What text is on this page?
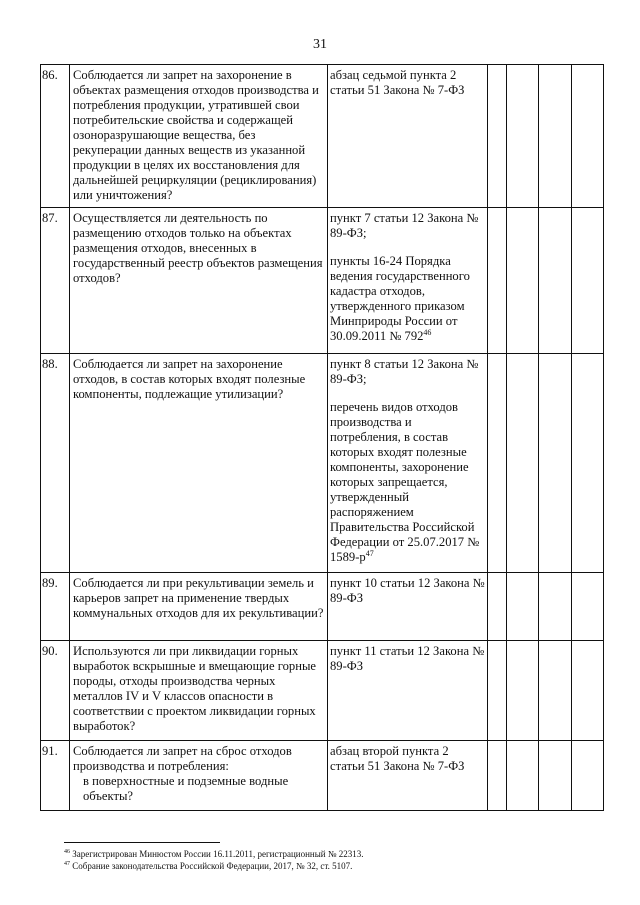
31
86.	Соблюдается ли запрет на захоронение в объектах размещения отходов производства и потребления продукции, утратившей свои потребительские свойства и содержащей озоноразрушающие вещества, без рекуперации данных веществ из указанной продукции в целях их восстановления для дальнейшей рециркуляции (рециклирования) или уничтожения?	абзац седьмой пункта 2 статьи 51 Закона № 7-ФЗ				

87.	Осуществляется ли деятельность по размещению отходов только на объектах размещения отходов, внесенных в государственный реестр объектов размещения отходов?	пункт 7 статьи 12 Закона № 89-ФЗ;
пункты 16-24 Порядка ведения государственного кадастра отходов, утвержденного приказом Минприроды России от 30.09.2011 № $792^{46}$

88.	Соблюдается ли запрет на захоронение отходов, в состав которых входят полезные компоненты, подлежащие утилизации?	пункт 8 статьи 12 Закона № 89-ФЗ;
перечень видов отходов производства и потребления, в состав которых входят полезные компоненты, захоронение которых запрещается, утвержденный распоряжением Правительства Российской Федерации от 25.07.2017 № $1589-р^{47}$

89.	Соблюдается ли при рекультивации земель и карьеров запрет на применение твердых коммунальных отходов для их рекультивации?	пункт 10 статьи 12 Закона № 89-ФЗ				

90.	Используются ли при ликвидации горных выработок вскрышные и вмещающие горные породы, отходы производства черных металлов IV и V классов опасности в соответствии с проектом ликвидации горных выработок?	пункт 11 статьи 12 Закона № 89-ФЗ				

91.	Соблюдается ли запрет на сброс отходов производства и потребления:
в поверхностные и подземные водные объекты?	абзац второй пункта 2 статьи 51 Закона № 7-ФЗ				

$^{46}$ Зарегистрирован Минюстом России 16.11.2011, регистрационный № 22313.
$^{47}$ Собрание законодательства Российской Федерации, 2017, № 32, ст. 5107.
